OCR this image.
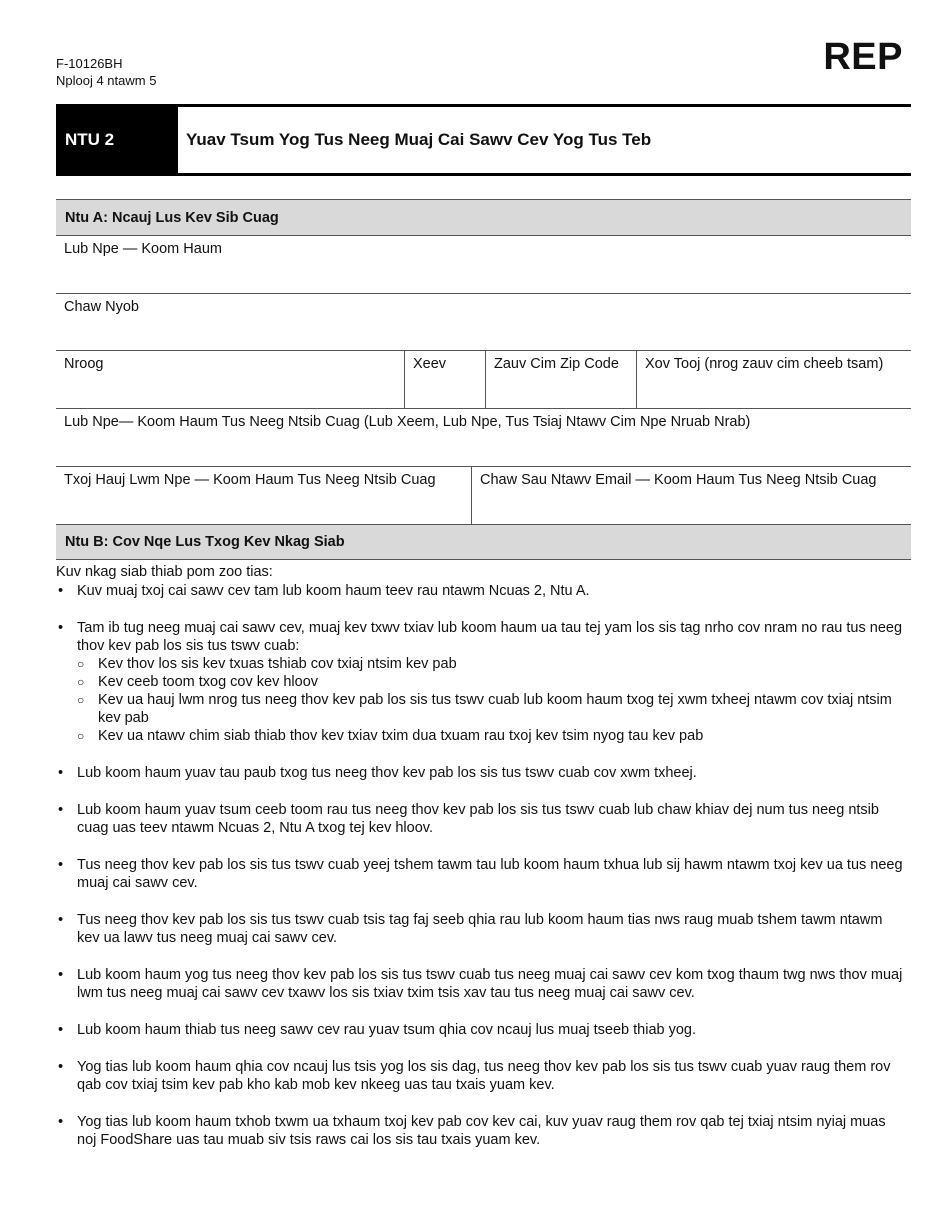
F-10126BH
Nplooj 4 ntawm 5
REP
NTU 2	Yuav Tsum Yog Tus Neeg Muaj Cai Sawv Cev Yog Tus Teb
Ntu A: Ncauj Lus Kev Sib Cuag
Lub Npe — Koom Haum
Chaw Nyob
Nroog	Xeev	Zauv Cim Zip Code	Xov Tooj (nrog zauv cim cheeb tsam)
Lub Npe— Koom Haum Tus Neeg Ntsib Cuag (Lub Xeem, Lub Npe, Tus Tsiaj Ntawv Cim Npe Nruab Nrab)
Txoj Hauj Lwm Npe — Koom Haum Tus Neeg Ntsib Cuag	Chaw Sau Ntawv Email — Koom Haum Tus Neeg Ntsib Cuag
Ntu B: Cov Nqe Lus Txog Kev Nkag Siab

Kuv nkag siab thiab pom zoo tias:

• Kuv muaj txoj cai sawv cev tam lub koom haum teev rau ntawm Ncuas 2, Ntu A.
• Tam ib tug neeg muaj cai sawv cev, muaj kev txwv txiav lub koom haum ua tau tej yam los sis tag nrho cov nram no rau tus neeg thov kev pab los sis tus tswv cuab:
○ Kev thov los sis kev txuas tshiab cov txiaj ntsim kev pab
○ Kev ceeb toom txog cov kev hloov
○ Kev ua hauj lwm nrog tus neeg thov kev pab los sis tus tswv cuab lub koom haum txog tej xwm txheej ntawm cov txiaj ntsim kev pab
○ Kev ua ntawv chim siab thiab thov kev txiav txim dua txuam rau txoj kev tsim nyog tau kev pab
• Lub koom haum yuav tau paub txog tus neeg thov kev pab los sis tus tswv cuab cov xwm txheej.
• Lub koom haum yuav tsum ceeb toom rau tus neeg thov kev pab los sis tus tswv cuab lub chaw khiav dej num tus neeg ntsib cuag uas teev ntawm Ncuas 2, Ntu A txog tej kev hloov.
• Tus neeg thov kev pab los sis tus tswv cuab yeej tshem tawm tau lub koom haum txhua lub sij hawm ntawm txoj kev ua tus neeg muaj cai sawv cev.
• Tus neeg thov kev pab los sis tus tswv cuab tsis tag faj seeb qhia rau lub koom haum tias nws raug muab tshem tawm ntawm kev ua lawv tus neeg muaj cai sawv cev.
• Lub koom haum yog tus neeg thov kev pab los sis tus tswv cuab tus neeg muaj cai sawv cev kom txog thaum twg nws thov muaj lwm tus neeg muaj cai sawv cev txawv los sis txiav txim tsis xav tau tus neeg muaj cai sawv cev.
• Lub koom haum thiab tus neeg sawv cev rau yuav tsum qhia cov ncauj lus muaj tseeb thiab yog.
• Yog tias lub koom haum qhia cov ncauj lus tsis yog los sis dag, tus neeg thov kev pab los sis tus tswv cuab yuav raug them rov qab cov txiaj tsim kev pab kho kab mob kev nkeeg uas tau txais yuam kev.
• Yog tias lub koom haum txhob txwm ua txhaum txoj kev pab cov kev cai, kuv yuav raug them rov qab tej txiaj ntsim nyiaj muas noj FoodShare uas tau muab siv tsis raws cai los sis tau txais yuam kev.
